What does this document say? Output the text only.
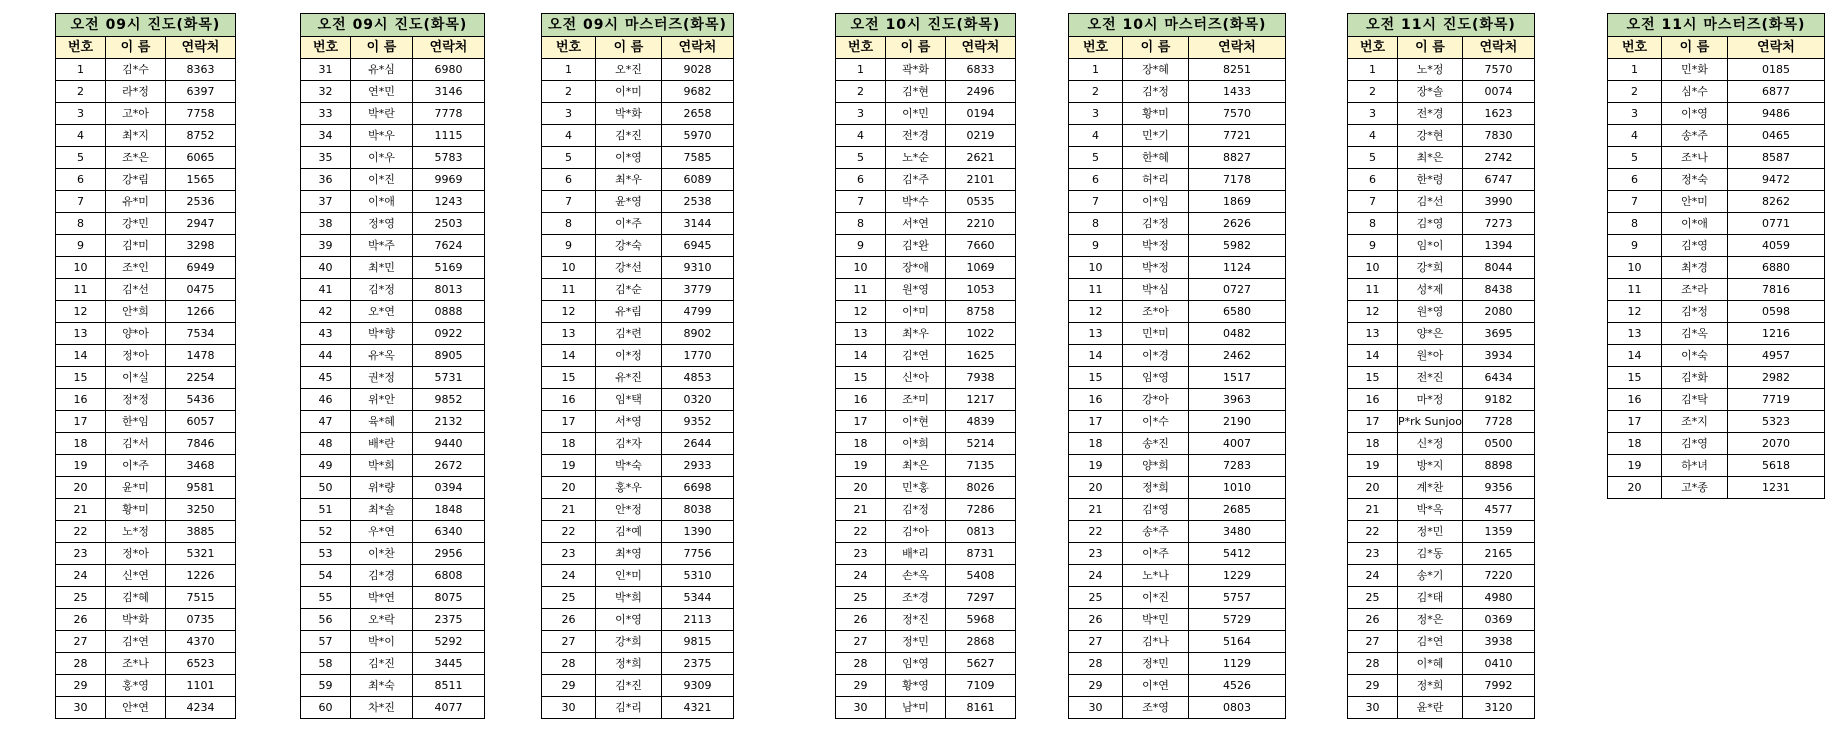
오전 09시 진도(화목)		
번호	이 름	연락처
1	김*수	8363
2	라*정	6397
3	고*아	7758
4	최*지	8752
5	조*은	6065
6	강*림	1565
7	유*미	2536
8	강*민	2947
9	김*미	3298
10	조*인	6949
11	김*선	0475
12	안*희	1266
13	양*아	7534
14	정*아	1478
15	이*실	2254
16	정*정	5436
17	한*임	6057
18	김*서	7846
19	이*주	3468
20	윤*미	9581
21	황*미	3250
22	노*정	3885
23	정*아	5321
24	신*연	1226
25	김*혜	7515
26	박*화	0735
27	김*연	4370
28	조*나	6523
29	홍*영	1101
30	안*연	4234
오전 09시 진도(화목)		
번호	이 름	연락처
31	유*심	6980
32	연*민	3146
33	박*란	7778
34	박*우	1115
35	이*우	5783
36	이*진	9969
37	이*애	1243
38	정*영	2503
39	박*주	7624
40	최*민	5169
41	김*정	8013
42	오*연	0888
43	박*향	0922
44	유*옥	8905
45	권*정	5731
46	위*안	9852
47	육*혜	2132
48	배*란	9440
49	박*희	2672
50	위*량	0394
51	최*솔	1848
52	우*연	6340
53	이*찬	2956
54	김*경	6808
55	박*연	8075
56	오*락	2375
57	박*이	5292
58	김*진	3445
59	최*숙	8511
60	차*진	4077
오전 09시 마스터즈(화목)		
번호	이 름	연락처
1	오*진	9028
2	이*미	9682
3	박*화	2658
4	김*진	5970
5	이*영	7585
6	최*우	6089
7	윤*영	2538
8	이*주	3144
9	강*숙	6945
10	강*선	9310
11	김*순	3779
12	유*림	4799
13	김*련	8902
14	이*정	1770
15	유*진	4853
16	임*택	0320
17	서*영	9352
18	김*자	2644
19	박*숙	2933
20	홍*우	6698
21	안*정	8038
22	김*예	1390
23	최*영	7756
24	인*미	5310
25	박*희	5344
26	이*영	2113
27	강*희	9815
28	정*희	2375
29	김*진	9309
30	김*리	4321
오전 10시 진도(화목)		
번호	이 름	연락처
1	곽*화	6833
2	김*현	2496
3	이*민	0194
4	전*경	0219
5	노*순	2621
6	김*주	2101
7	박*수	0535
8	서*연	2210
9	김*완	7660
10	장*애	1069
11	원*영	1053
12	이*미	8758
13	최*우	1022
14	김*연	1625
15	신*아	7938
16	조*미	1217
17	이*현	4839
18	이*희	5214
19	최*은	7135
20	민*홍	8026
21	김*정	7286
22	김*아	0813
23	배*리	8731
24	손*옥	5408
25	조*경	7297
26	정*진	5968
27	정*민	2868
28	임*영	5627
29	황*영	7109
30	남*미	8161
오전 10시 마스터즈(화목)		
번호	이 름	연락처
1	장*혜	8251
2	김*정	1433
3	황*미	7570
4	민*기	7721
5	한*혜	8827
6	허*리	7178
7	이*임	1869
8	김*정	2626
9	박*정	5982
10	박*정	1124
11	박*심	0727
12	조*아	6580
13	민*미	0482
14	이*경	2462
15	임*영	1517
16	강*아	3963
17	이*수	2190
18	송*진	4007
19	양*희	7283
20	정*희	1010
21	김*영	2685
22	송*주	3480
23	이*주	5412
24	노*나	1229
25	이*진	5757
26	박*민	5729
27	김*나	5164
28	정*민	1129
29	이*연	4526
30	조*영	0803
오전 11시 진도(화목)		
번호	이 름	연락처
1	노*정	7570
2	장*솔	0074
3	전*경	1623
4	강*현	7830
5	최*은	2742
6	한*령	6747
7	김*선	3990
8	김*영	7273
9	임*이	1394
10	강*희	8044
11	성*제	8438
12	원*영	2080
13	양*은	3695
14	원*아	3934
15	전*진	6434
16	마*정	9182
17	P*rk Sunjoo	7728
18	신*정	0500
19	방*지	8898
20	계*찬	9356
21	박*옥	4577
22	정*민	1359
23	김*동	2165
24	송*기	7220
25	김*태	4980
26	정*은	0369
27	김*연	3938
28	이*혜	0410
29	정*희	7992
30	윤*란	3120
오전 11시 마스터즈(화목)		
번호	이 름	연락처
1	민*화	0185
2	심*수	6877
3	이*영	9486
4	송*주	0465
5	조*나	8587
6	정*숙	9472
7	안*미	8262
8	이*애	0771
9	김*영	4059
10	최*경	6880
11	조*라	7816
12	김*정	0598
13	김*옥	1216
14	이*숙	4957
15	김*화	2982
16	김*탁	7719
17	조*지	5323
18	김*영	2070
19	하*녀	5618
20	고*종	1231
